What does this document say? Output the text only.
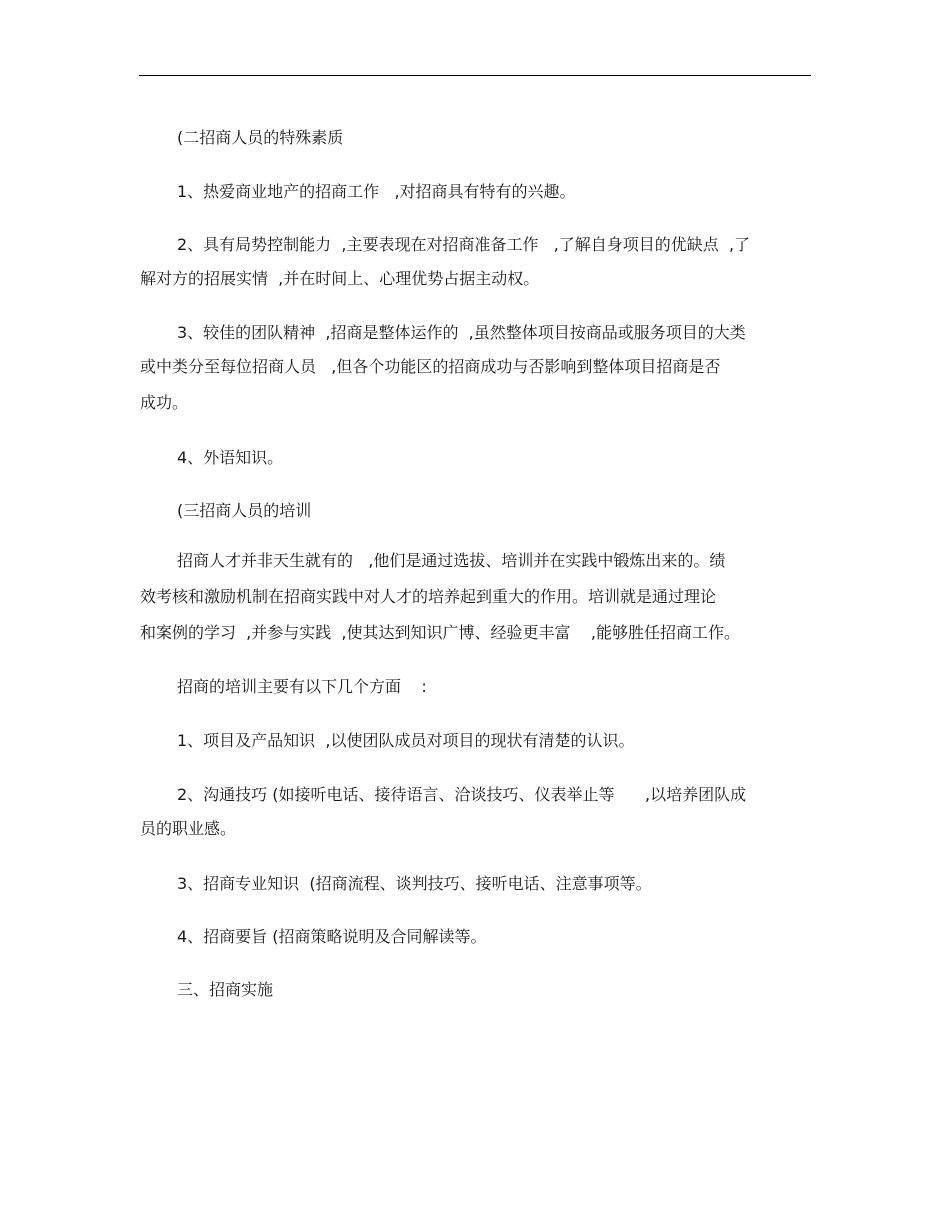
(二招商人员的特殊素质

1、热爱商业地产的招商工作   ,对招商具有特有的兴趣。

2、具有局势控制能力  ,主要表现在对招商准备工作   ,了解自身项目的优缺点  ,了

解对方的招展实情  ,并在时间上、心理优势占据主动权。

3、较佳的团队精神  ,招商是整体运作的  ,虽然整体项目按商品或服务项目的大类

或中类分至每位招商人员   ,但各个功能区的招商成功与否影响到整体项目招商是否

成功。

4、外语知识。

(三招商人员的培训

招商人才并非天生就有的   ,他们是通过选拔、培训并在实践中锻炼出来的。绩

效考核和激励机制在招商实践中对人才的培养起到重大的作用。培训就是通过理论

和案例的学习  ,并参与实践  ,使其达到知识广博、经验更丰富    ,能够胜任招商工作。

招商的培训主要有以下几个方面    :

1、项目及产品知识  ,以使团队成员对项目的现状有清楚的认识。

2、沟通技巧 (如接听电话、接待语言、洽谈技巧、仪表举止等      ,以培养团队成

员的职业感。

3、招商专业知识  (招商流程、谈判技巧、接听电话、注意事项等。

4、招商要旨 (招商策略说明及合同解读等。

三、招商实施
